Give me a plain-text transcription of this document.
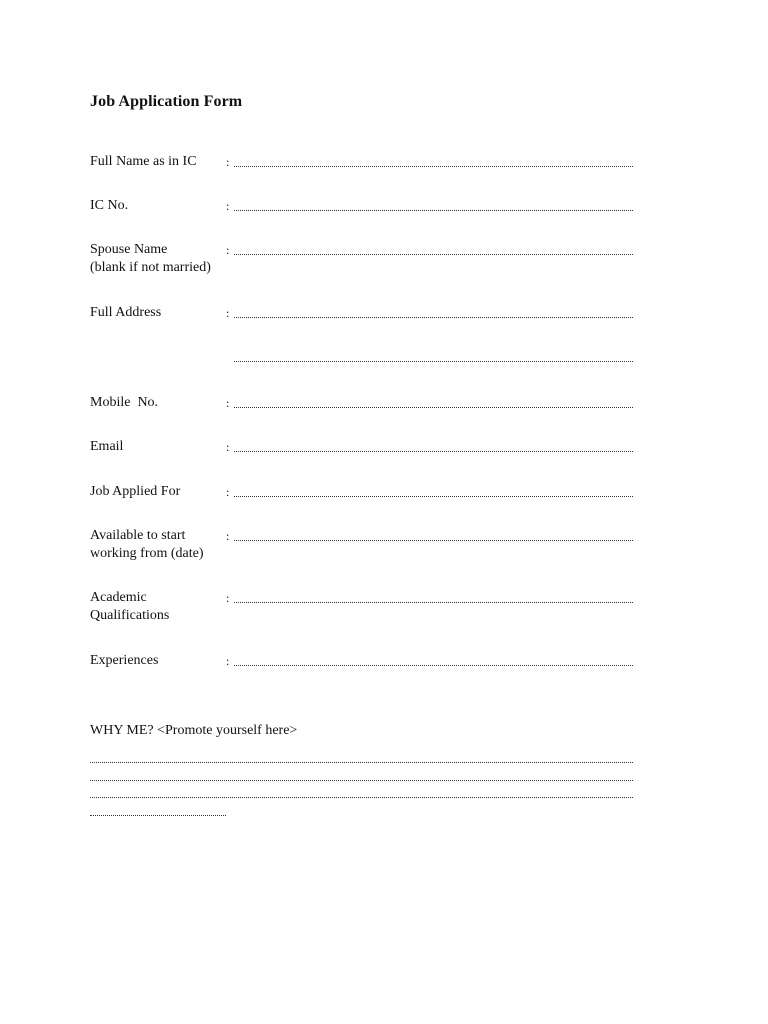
Job Application Form
Full Name as in IC :
IC No.	:
Spouse Name
(blank if not married)
:
Full Address	:
Mobile  No.	:
Email	:
Job Applied For	:
Available to start
working from (date)
:
Academic
Qualifications
:
Experiences	:
WHY ME? <Promote yourself here>
